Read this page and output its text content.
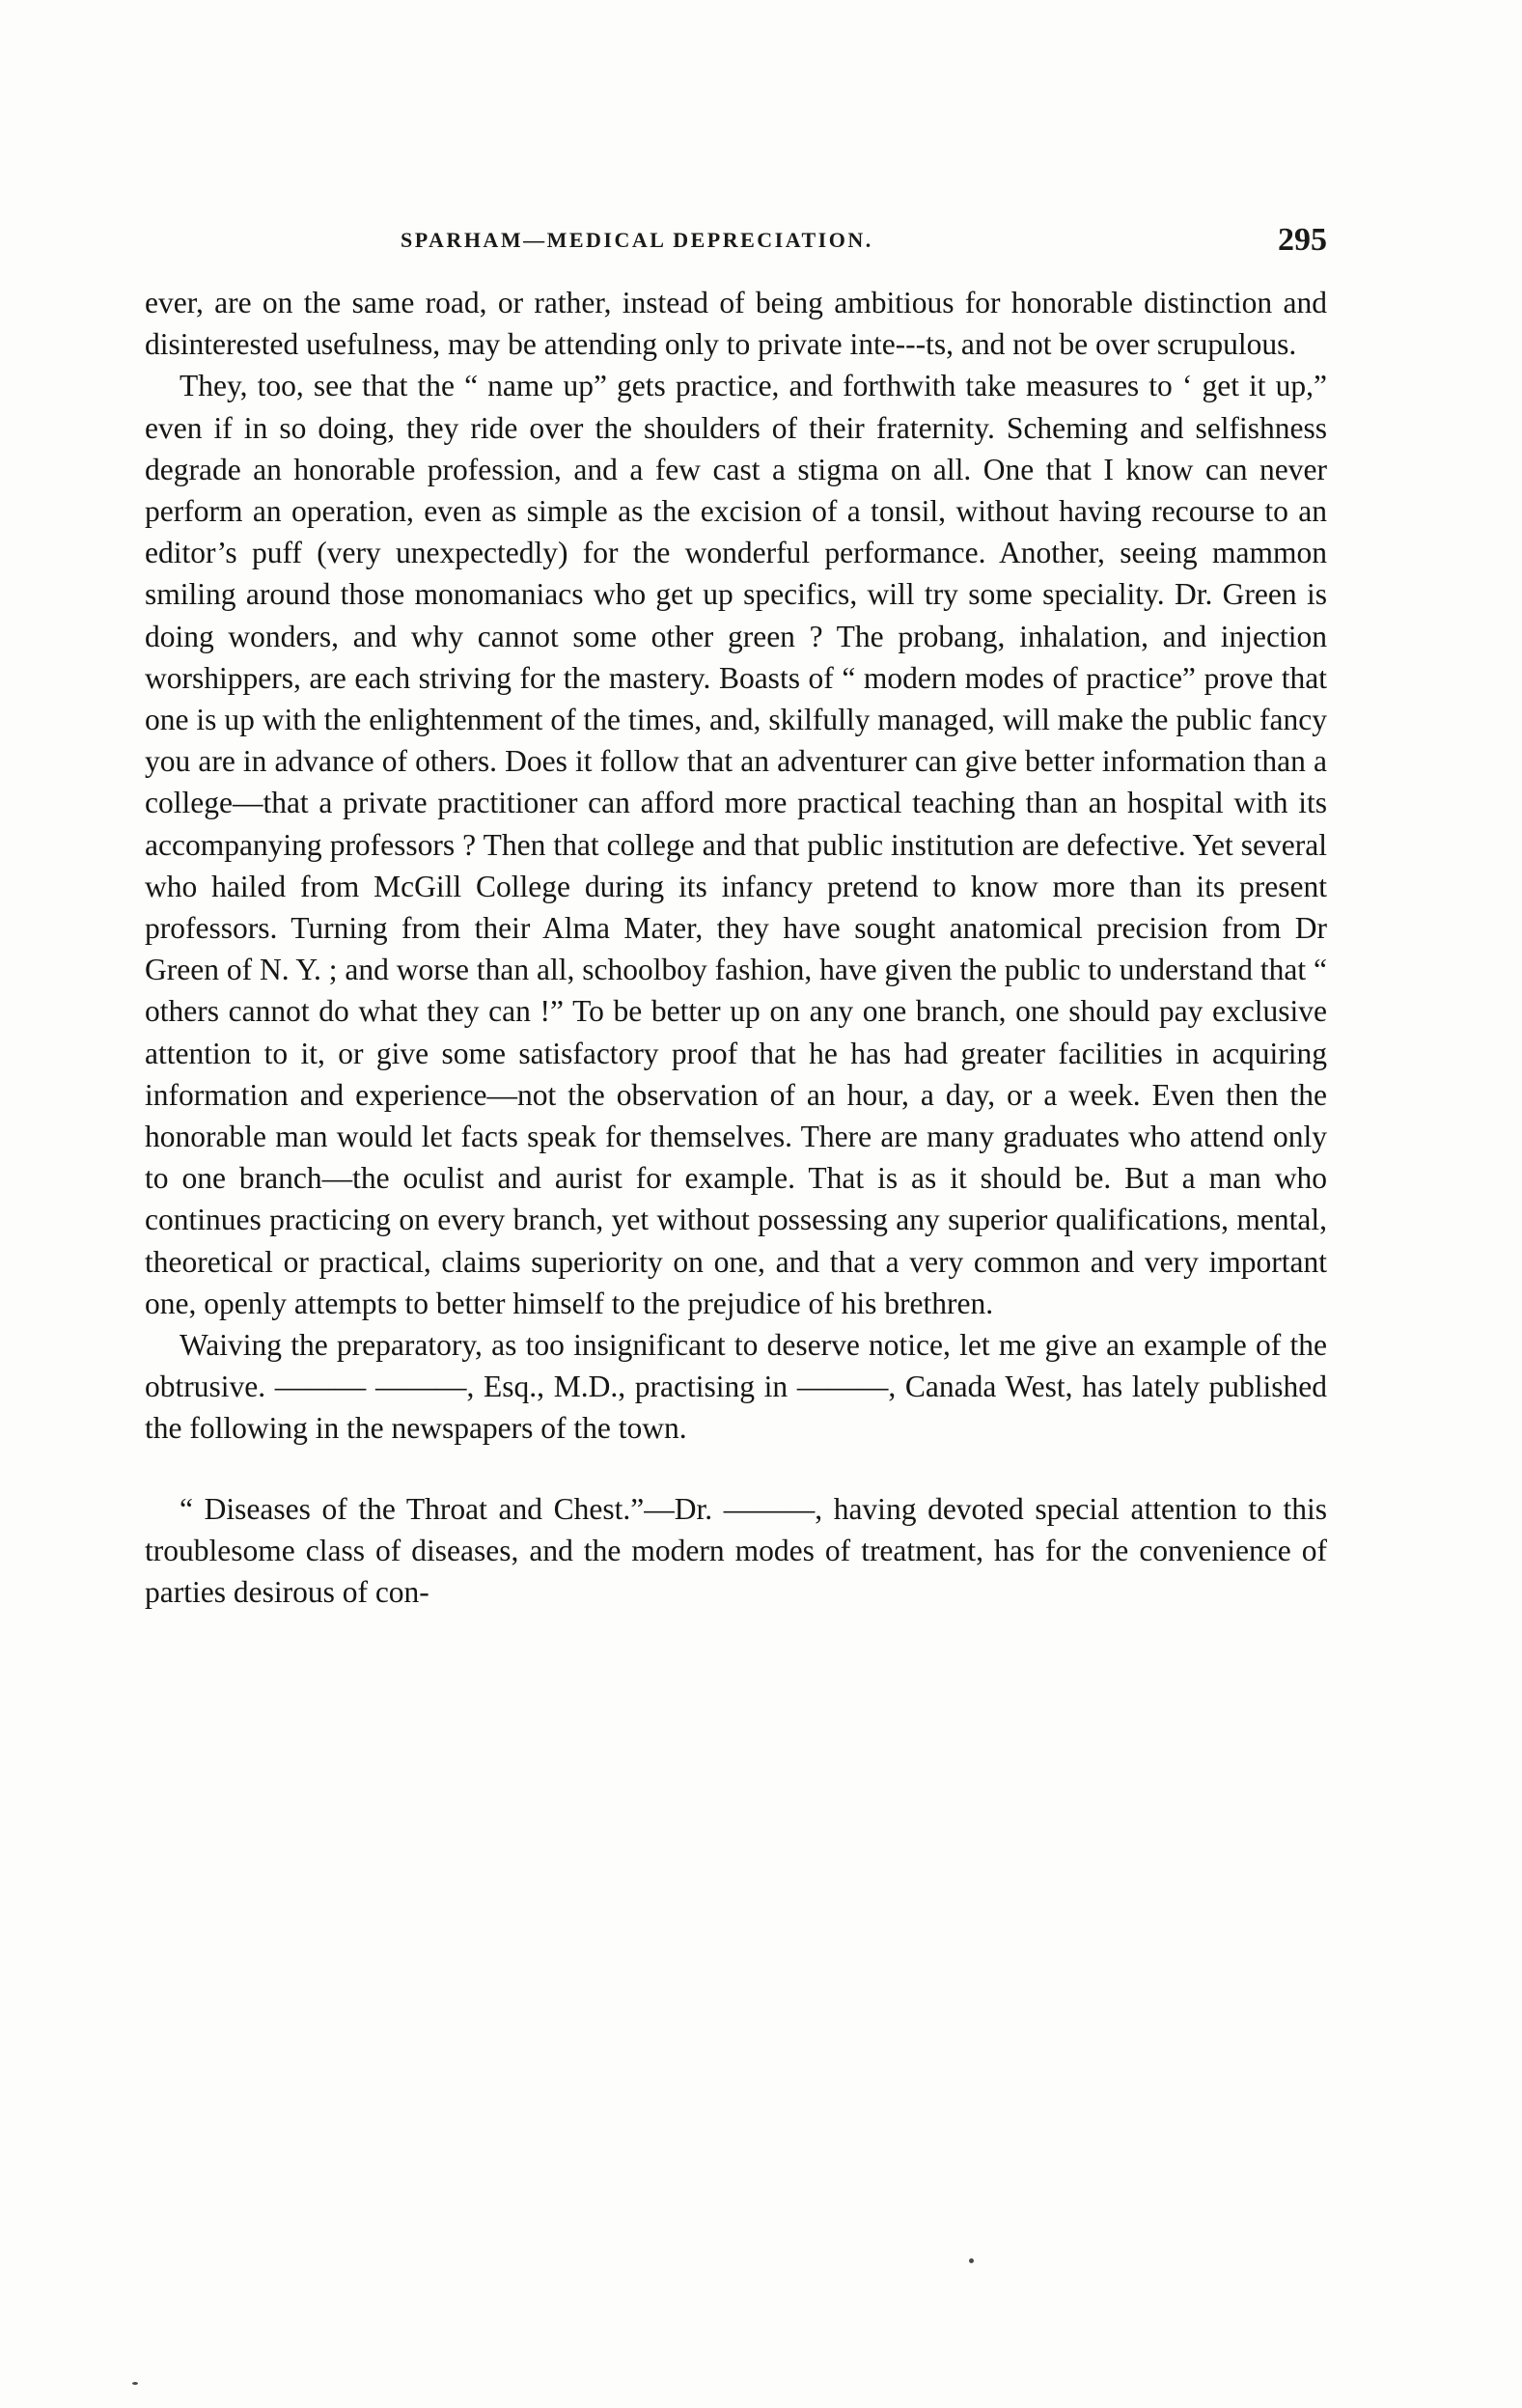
SPARHAM—MEDICAL DEPRECIATION.	295

ever, are on the same road, or rather, instead of being ambitious for honorable distinction and disinterested usefulness, may be attending only to private inte-‑-ts, and not be over scrupulous.

They, too, see that the “ name up” gets practice, and forthwith take measures to ‘ get it up,” even if in so doing, they ride over the shoulders of their fraternity. Scheming and selfishness degrade an honorable profession, and a few cast a stigma on all. One that I know can never perform an operation, even as simple as the excision of a tonsil, without having recourse to an editor’s puff (very unexpectedly) for the wonderful performance. Another, seeing mammon smiling around those monomaniacs who get up specifics, will try some speciality. Dr. Green is doing wonders, and why cannot some other green ? The probang, inhalation, and injection worshippers, are each striving for the mastery. Boasts of “ modern modes of practice” prove that one is up with the enlightenment of the times, and, skilfully managed, will make the public fancy you are in advance of others. Does it follow that an adventurer can give better information than a college—that a private practitioner can afford more practical teaching than an hospital with its accompanying professors ? Then that college and that public institution are defective. Yet several who hailed from McGill College during its infancy pretend to know more than its present professors. Turning from their Alma Mater, they have sought anatomical precision from Dr Green of N. Y. ; and worse than all, schoolboy fashion, have given the public to understand that “ others cannot do what they can !” To be better up on any one branch, one should pay exclusive attention to it, or give some satisfactory proof that he has had greater facilities in acquiring information and experience—not the observation of an hour, a day, or a week. Even then the honorable man would let facts speak for themselves. There are many graduates who attend only to one branch—the oculist and aurist for example. That is as it should be. But a man who continues practicing on every branch, yet without possessing any superior qualifications, mental, theoretical or practical, claims superiority on one, and that a very common and very important one, openly attempts to better himself to the prejudice of his brethren.

Waiving the preparatory, as too insignificant to deserve notice, let me give an example of the obtrusive. ——— ———, Esq., M.D., practising in ———, Canada West, has lately published the following in the newspapers of the town.

“ Diseases of the Throat and Chest.”—Dr. ———, having devoted special attention to this troublesome class of diseases, and the modern modes of treatment, has for the convenience of parties desirous of con-
